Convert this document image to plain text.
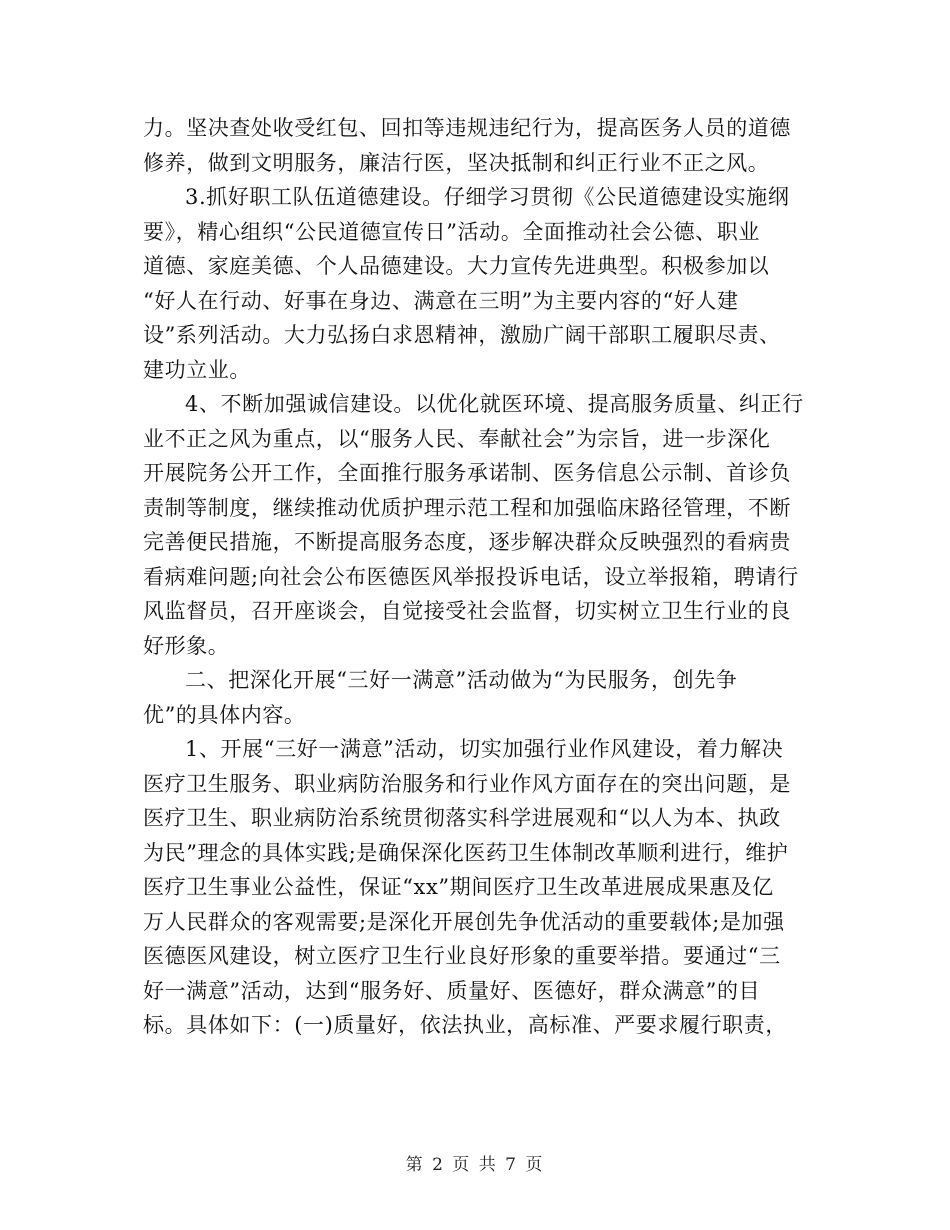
力。坚决查处收受红包、回扣等违规违纪行为，提高医务人员的道德
修养，做到文明服务，廉洁行医，坚决抵制和纠正行业不正之风。
3.抓好职工队伍道德建设。仔细学习贯彻《公民道德建设实施纲
要》，精心组织“公民道德宣传日”活动。全面推动社会公德、职业
道德、家庭美德、个人品德建设。大力宣传先进典型。积极参加以
“好人在行动、好事在身边、满意在三明”为主要内容的“好人建
设”系列活动。大力弘扬白求恩精神，激励广阔干部职工履职尽责、
建功立业。
4、不断加强诚信建设。以优化就医环境、提高服务质量、纠正行
业不正之风为重点，以“服务人民、奉献社会”为宗旨，进一步深化
开展院务公开工作，全面推行服务承诺制、医务信息公示制、首诊负
责制等制度，继续推动优质护理示范工程和加强临床路径管理，不断
完善便民措施，不断提高服务态度，逐步解决群众反映强烈的看病贵
看病难问题;向社会公布医德医风举报投诉电话，设立举报箱，聘请行
风监督员，召开座谈会，自觉接受社会监督，切实树立卫生行业的良
好形象。
二、把深化开展“三好一满意”活动做为“为民服务，创先争
优”的具体内容。
1、开展“三好一满意”活动，切实加强行业作风建设，着力解决
医疗卫生服务、职业病防治服务和行业作风方面存在的突出问题，是
医疗卫生、职业病防治系统贯彻落实科学进展观和“以人为本、执政
为民”理念的具体实践;是确保深化医药卫生体制改革顺利进行，维护
医疗卫生事业公益性，保证“xx”期间医疗卫生改革进展成果惠及亿
万人民群众的客观需要;是深化开展创先争优活动的重要载体;是加强
医德医风建设，树立医疗卫生行业良好形象的重要举措。要通过“三
好一满意”活动，达到“服务好、质量好、医德好，群众满意”的目
标。具体如下：(一)质量好，依法执业，高标准、严要求履行职责，
第 2 页 共 7 页
